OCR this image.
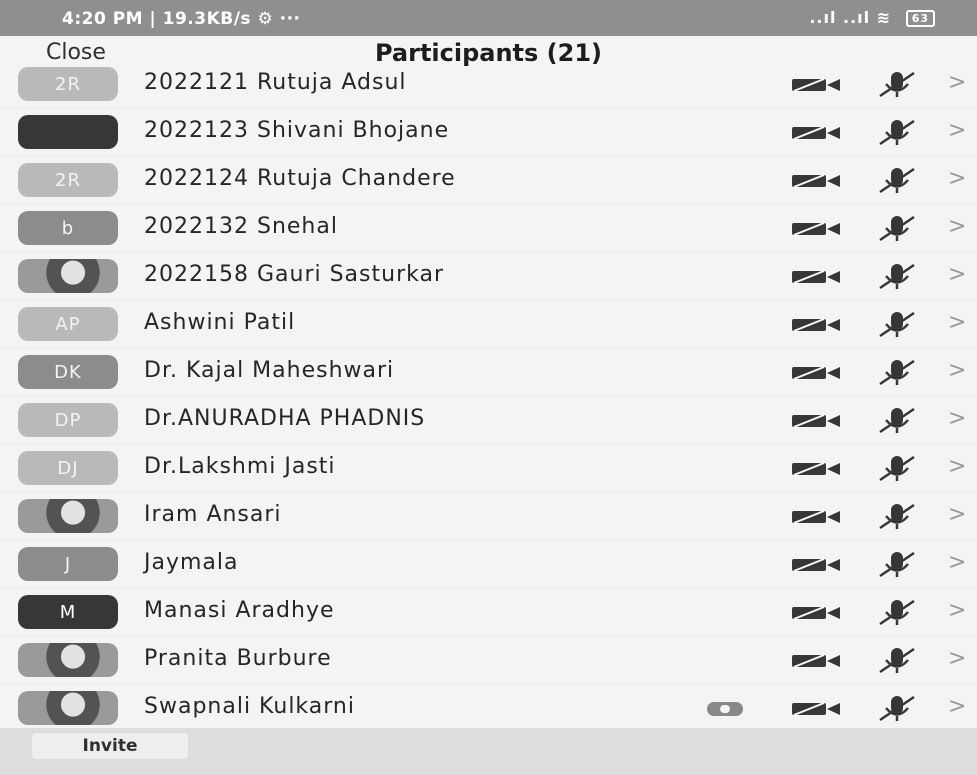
4:20 PM | 19.3KB/s ⚙ ···	..ıl ..ıl ≋ 63
Participants (21)
Close
2R	2022121 Rutuja Adsul	>
2022123 Shivani Bhojane	>
2R	2022124 Rutuja Chandere	>
b	2022132 Snehal	>
2022158 Gauri Sasturkar	>
AP	Ashwini Patil	>
DK	Dr. Kajal Maheshwari	>
DP	Dr.ANURADHA PHADNIS	>
DJ	Dr.Lakshmi Jasti	>
Iram Ansari	>
J	Jaymala	>
M	Manasi Aradhye	>
Pranita Burbure	>
Swapnali Kulkarni	>
Invite
